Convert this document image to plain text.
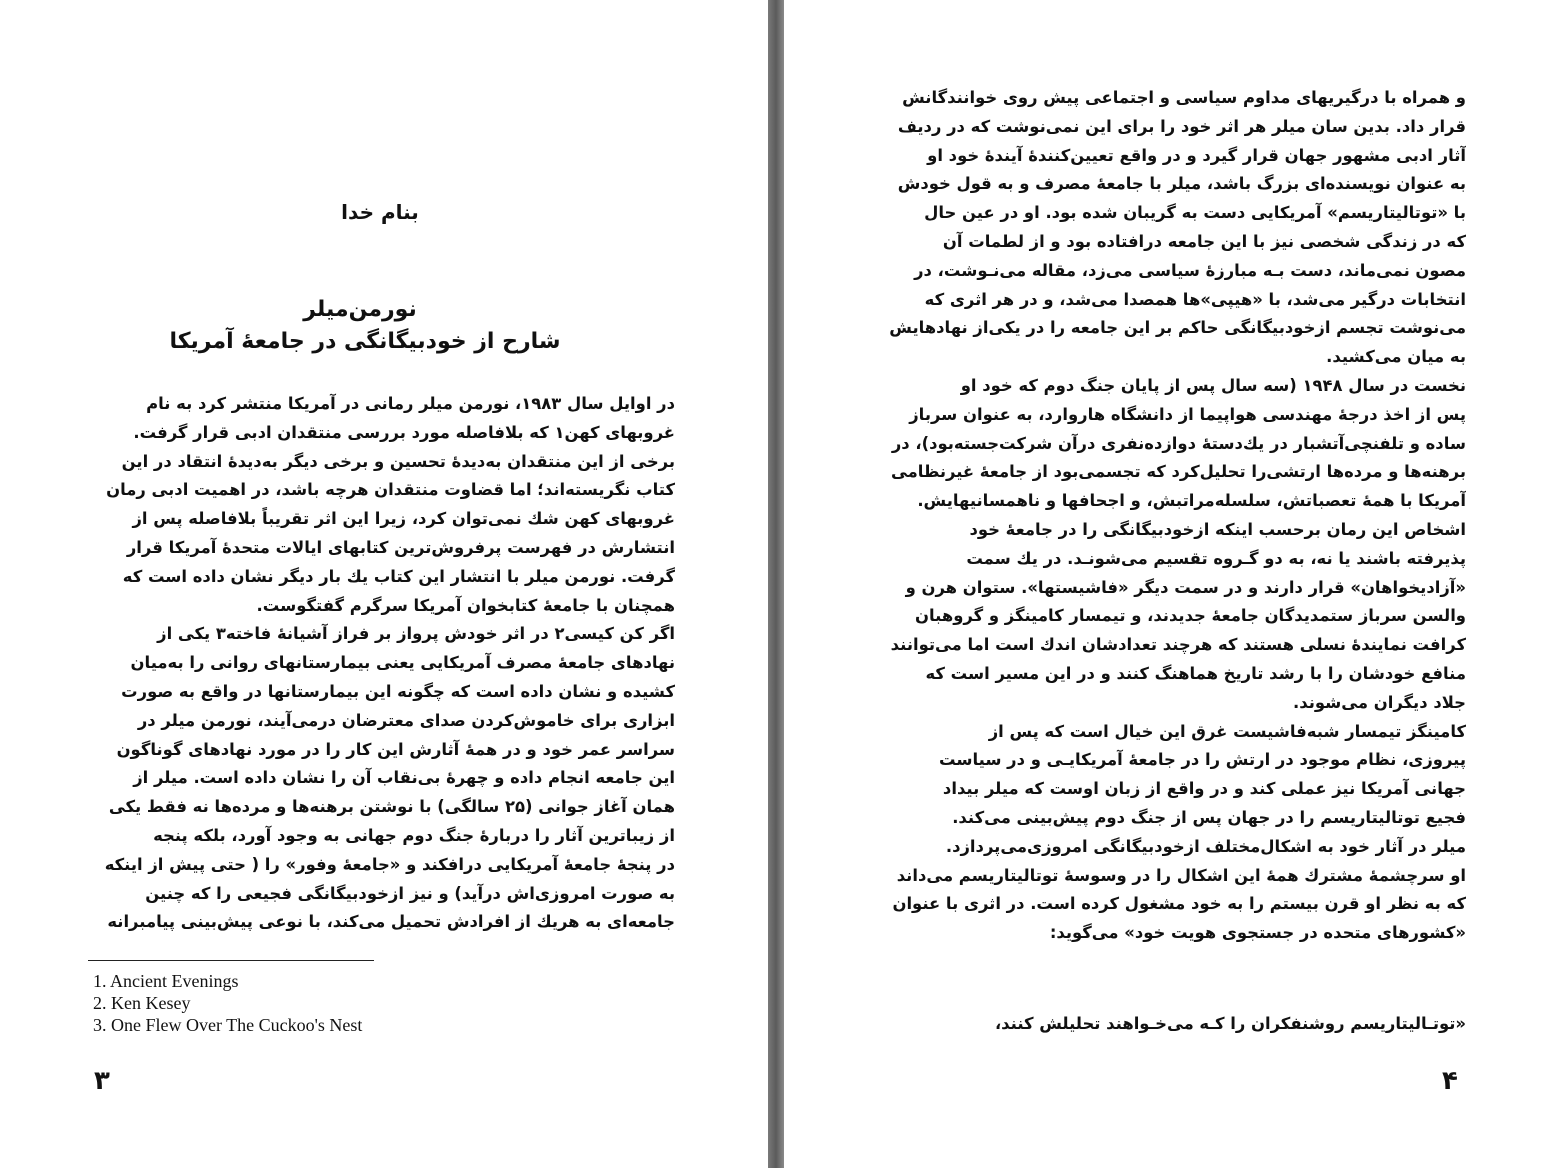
بنام خدا
نورمن‌میلر
شارح از خودبیگانگی در جامعهٔ آمریکا
در اوایل سال ۱۹۸۳، نورمن میلر رمانی در آمریکا منتشر کرد به نام
غروبهای کهن۱ که بلافاصله مورد بررسی منتقدان ادبی قرار گرفت.
برخی از این منتقدان به‌دیدهٔ تحسین و برخی دیگر به‌دیدهٔ انتقاد در این
کتاب نگریسته‌اند؛ اما قضاوت منتقدان هرچه باشد، در اهمیت ادبی رمان
غروبهای کهن شك نمی‌توان کرد، زیرا این اثر تقریباً بلافاصله پس از
انتشارش در فهرست پرفروش‌ترین کتابهای ایالات متحدهٔ آمریکا قرار
گرفت. نورمن میلر با انتشار این کتاب یك بار دیگر نشان داده است که
همچنان با جامعهٔ کتابخوان آمریکا سرگرم گفتگوست.
اگر کن کیسی۲ در اثر خودش پرواز بر فراز آشیانهٔ فاخته۳ یکی از
نهادهای جامعهٔ مصرف آمریکایی یعنی بیمارستانهای روانی را به‌میان
کشیده و نشان داده است که چگونه این بیمارستانها در واقع به صورت
ابزاری برای خاموش‌کردن صدای معترضان درمی‌آیند، نورمن میلر در
سراسر عمر خود و در همهٔ آثارش این کار را در مورد نهادهای گوناگون
این جامعه انجام داده و چهرهٔ بی‌نقاب آن را نشان داده است. میلر از
همان آغاز جوانی (۲۵ سالگی) با نوشتن برهنه‌ها و مرده‌ها نه فقط یکی
از زیباترین آثار را دربارهٔ جنگ دوم جهانی به وجود آورد، بلکه پنجه
در پنجهٔ جامعهٔ آمریکایی درافکند و «جامعهٔ وفور» را ( حتی پیش از اینکه
به صورت امروزی‌اش درآید) و نیز ازخودبیگانگی فجیعی را که چنین
جامعه‌ای به هریك از افرادش تحمیل می‌کند، با نوعی پیش‌بینی پیامبرانه
1. Ancient Evenings
2. Ken Kesey
3. One Flew Over The Cuckoo's Nest
۳
و همراه با درگیریهای مداوم سیاسی و اجتماعی پیش روی خوانندگانش
قرار داد. بدین سان میلر هر اثر خود را برای این نمی‌نوشت که در ردیف
آثار ادبی مشهور جهان قرار گیرد و در واقع تعیین‌کنندهٔ آیندهٔ خود او
به عنوان نویسنده‌ای بزرگ باشد، میلر با جامعهٔ مصرف و به قول خودش
با «توتالیتاریسم» آمریکایی دست به گریبان شده بود. او در عین حال
که در زندگی شخصی نیز با این جامعه درافتاده بود و از لطمات آن
مصون نمی‌ماند، دست بـه مبارزهٔ سیاسی می‌زد، مقاله می‌نـوشت، در
انتخابات درگیر می‌شد، با «هیپی»ها همصدا می‌شد، و در هر اثری که
می‌نوشت تجسم ازخودبیگانگی حاکم بر این جامعه را در یکی‌از نهادهایش
به میان می‌کشید.
نخست در سال ۱۹۴۸ (سه سال پس از پایان جنگ دوم که خود او
پس از اخذ درجهٔ مهندسی هواپیما از دانشگاه هاروارد، به عنوان سرباز
ساده و تلفنچی‌آتشبار در یك‌دستهٔ دوازده‌نفری درآن شرکت‌جسته‌بود)، در
برهنه‌ها و مرده‌ها ارتشی‌را تحلیل‌کرد که تجسمی‌بود از جامعهٔ غیرنظامی
آمریکا با همهٔ تعصباتش، سلسله‌مراتبش، و اجحافها و ناهمسانیهایش.
اشخاص این رمان برحسب اینکه ازخودبیگانگی را در جامعهٔ خود
پذیرفته باشند یا نه، به دو گـروه تقسیم می‌شونـد. در یك سمت
«آزادیخواهان» قرار دارند و در سمت دیگر «فاشیستها». ستوان هرن و
والسن سرباز ستمدیدگان جامعهٔ جدیدند، و تیمسار کامینگز و گروهبان
کرافت نمایندهٔ نسلی هستند که هرچند تعدادشان اندك است اما می‌توانند
منافع خودشان را با رشد تاریخ هماهنگ کنند و در این مسیر است که
جلاد دیگران می‌شوند.
کامینگز تیمسار شبه‌فاشیست غرق این خیال است که پس از
پیروزی، نظام موجود در ارتش را در جامعهٔ آمریکایـی و در سیاست
جهانی آمریکا نیز عملی کند و در واقع از زبان اوست که میلر بیداد
فجیع توتالیتاریسم را در جهان پس از جنگ دوم پیش‌بینی می‌کند.
میلر در آثار خود به اشکال‌مختلف ازخودبیگانگی امروزی‌می‌پردازد.
او سرچشمهٔ مشترك همهٔ این اشکال را در وسوسهٔ توتالیتاریسم می‌داند
که به نظر او قرن بیستم را به خود مشغول کرده است. در اثری با عنوان
«کشورهای متحده در جستجوی هویت خود» می‌گوید:
«توتـالیتاریسم روشنفکران را کـه می‌خـواهند تحلیلش کنند،
۴
